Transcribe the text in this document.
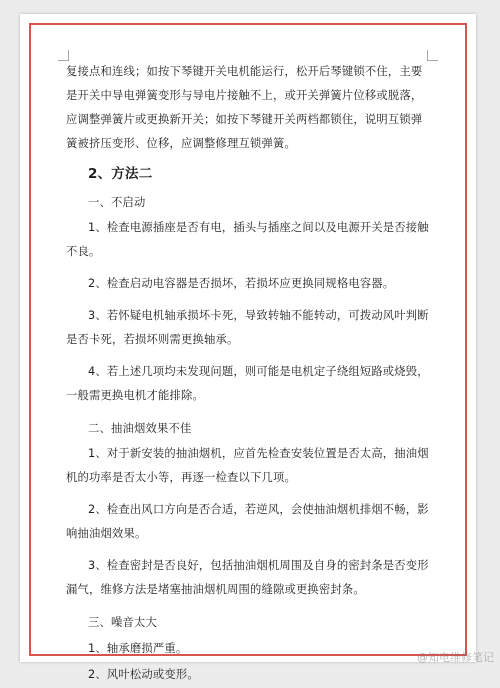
复接点和连线；如按下琴键开关电机能运行，松开后琴键锁不住，主要是开关中导电弹簧变形与导电片接触不上，或开关弹簧片位移或脱落，应调整弹簧片或更换新开关；如按下琴键开关两档都锁住，说明互锁弹簧被挤压变形、位移，应调整修理互锁弹簧。

2、方法二

一、不启动

1、检查电源插座是否有电，插头与插座之间以及电源开关是否接触不良。

2、检查启动电容器是否损坏，若损坏应更换同规格电容器。

3、若怀疑电机轴承损坏卡死，导致转轴不能转动，可拨动风叶判断是否卡死，若损坏则需更换轴承。

4、若上述几项均未发现问题，则可能是电机定子绕组短路或烧毁，一般需更换电机才能排除。

二、抽油烟效果不佳

1、对于新安装的抽油烟机，应首先检查安装位置是否太高，抽油烟机的功率是否太小等，再逐一检查以下几项。

2、检查出风口方向是否合适，若逆风，会使抽油烟机排烟不畅，影响抽油烟效果。

3、检查密封是否良好，包括抽油烟机周围及自身的密封条是否变形漏气，维修方法是堵塞抽油烟机周围的缝隙或更换密封条。

三、噪音太大

1、轴承磨损严重。

2、风叶松动或变形。	@知电维修笔记
